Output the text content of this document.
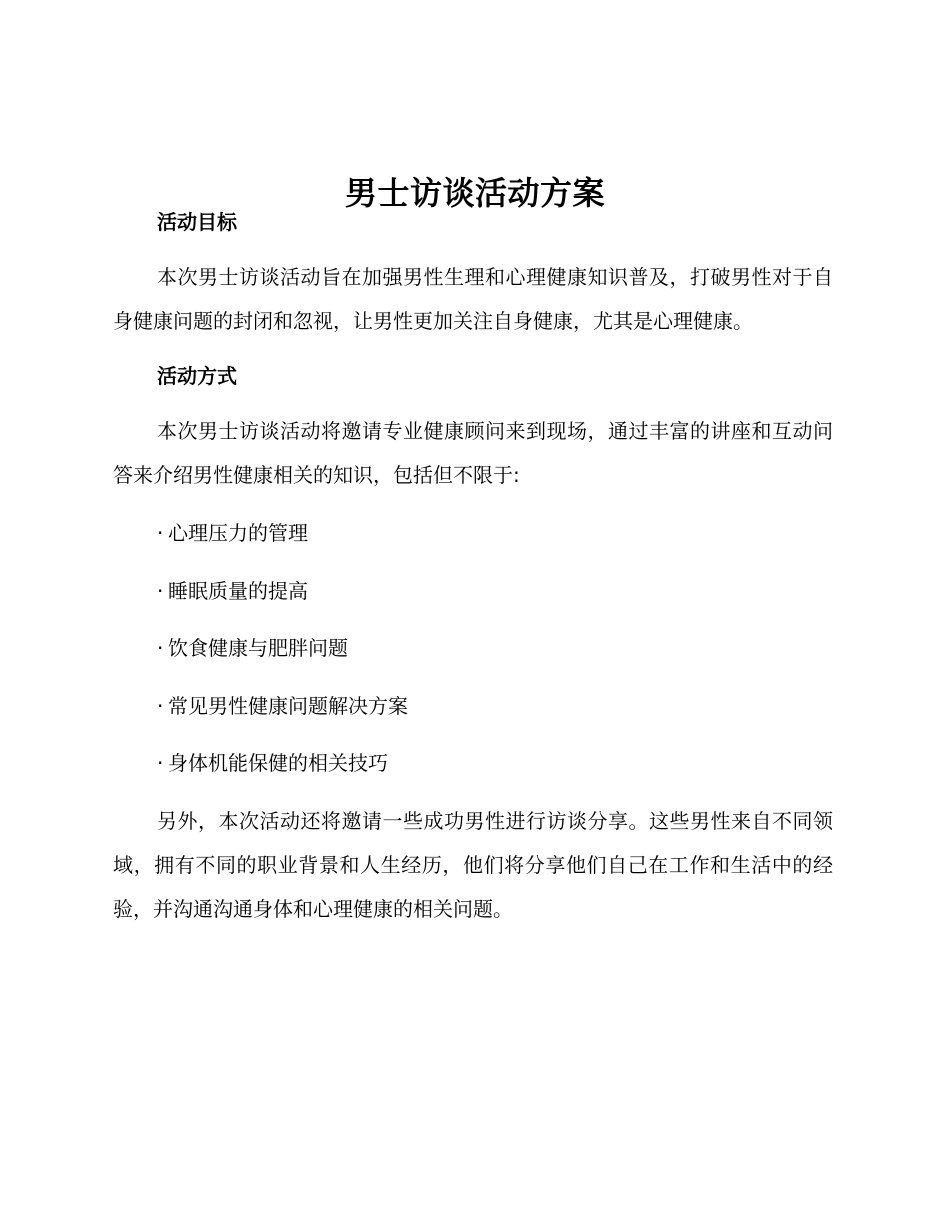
男士访谈活动方案
活动目标

本次男士访谈活动旨在加强男性生理和心理健康知识普及，打破男性对于自身健康问题的封闭和忽视，让男性更加关注自身健康，尤其是心理健康。

活动方式

本次男士访谈活动将邀请专业健康顾问来到现场，通过丰富的讲座和互动问答来介绍男性健康相关的知识，包括但不限于:

· 心理压力的管理
· 睡眠质量的提高
· 饮食健康与肥胖问题
· 常见男性健康问题解决方案
· 身体机能保健的相关技巧

另外，本次活动还将邀请一些成功男性进行访谈分享。这些男性来自不同领域，拥有不同的职业背景和人生经历，他们将分享他们自己在工作和生活中的经验，并沟通沟通身体和心理健康的相关问题。
